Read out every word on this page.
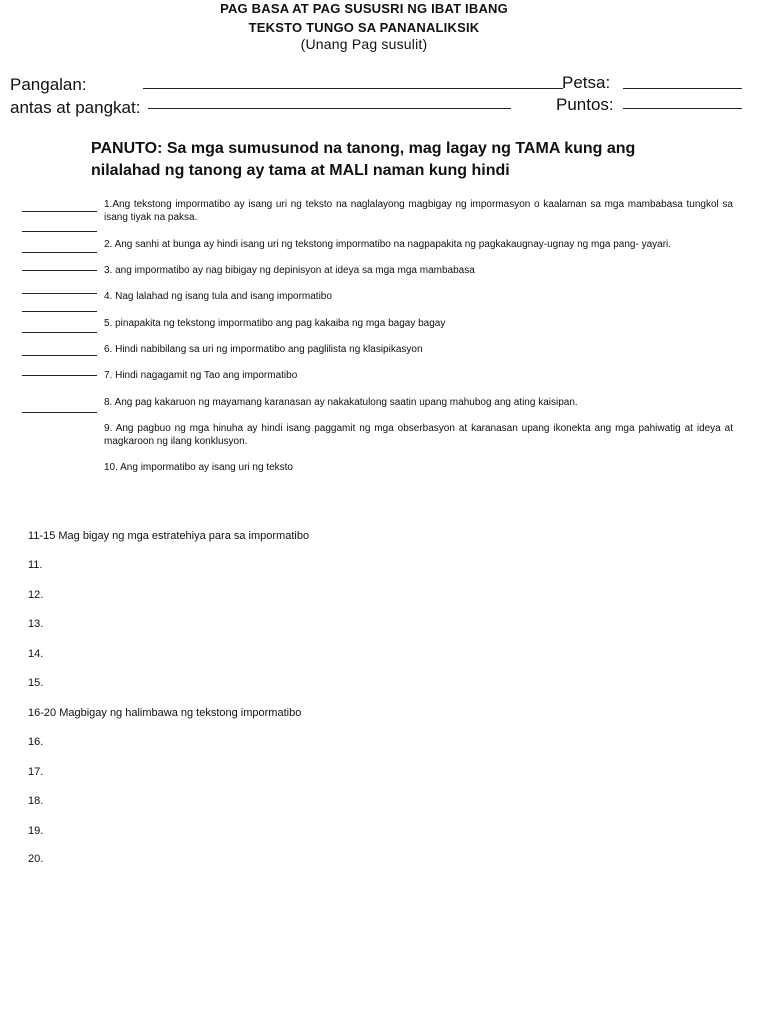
PAG BASA AT PAG SUSUSRI NG IBAT IBANG
TEKSTO TUNGO SA PANANALIKSIK
(Unang Pag susulit)
Pangalan:	Petsa:
antas at pangkat:	Puntos:
PANUTO: Sa mga sumusunod na tanong, mag lagay ng TAMA kung ang nilalahad ng tanong ay tama at MALI naman kung hindi
1.Ang tekstong impormatibo ay isang uri ng teksto na naglalayong magbigay ng impormasyon o kaalaman sa mga mambabasa tungkol sa isang tiyak na paksa.
2. Ang sanhi at bunga ay hindi isang uri ng tekstong impormatibo na nagpapakita ng pagkakaugnay-ugnay ng mga pang- yayari.
3. ang impormatibo ay nag bibigay ng depinisyon at ideya sa mga mga mambabasa
4. Nag lalahad ng isang tula and isang impormatibo
5. pinapakita ng tekstong impormatibo ang pag kakaiba ng mga bagay bagay
6. Hindi nabibilang sa uri ng impormatibo ang paglilista ng klasipikasyon
7. Hindi nagagamit ng Tao ang impormatibo
8. Ang pag kakaruon ng mayamang karanasan ay nakakatulong saatin upang mahubog ang ating kaisipan.
9. Ang pagbuo ng mga hinuha ay hindi isang paggamit ng mga obserbasyon at karanasan upang ikonekta ang mga pahiwatig at ideya at magkaroon ng ilang konklusyon.
10. Ang impormatibo ay isang uri ng teksto
11-15 Mag bigay ng mga estratehiya para sa impormatibo
11.
12.
13.
14.
15.
16-20 Magbigay ng halimbawa ng tekstong impormatibo
16.
17.
18.
19.
20.
